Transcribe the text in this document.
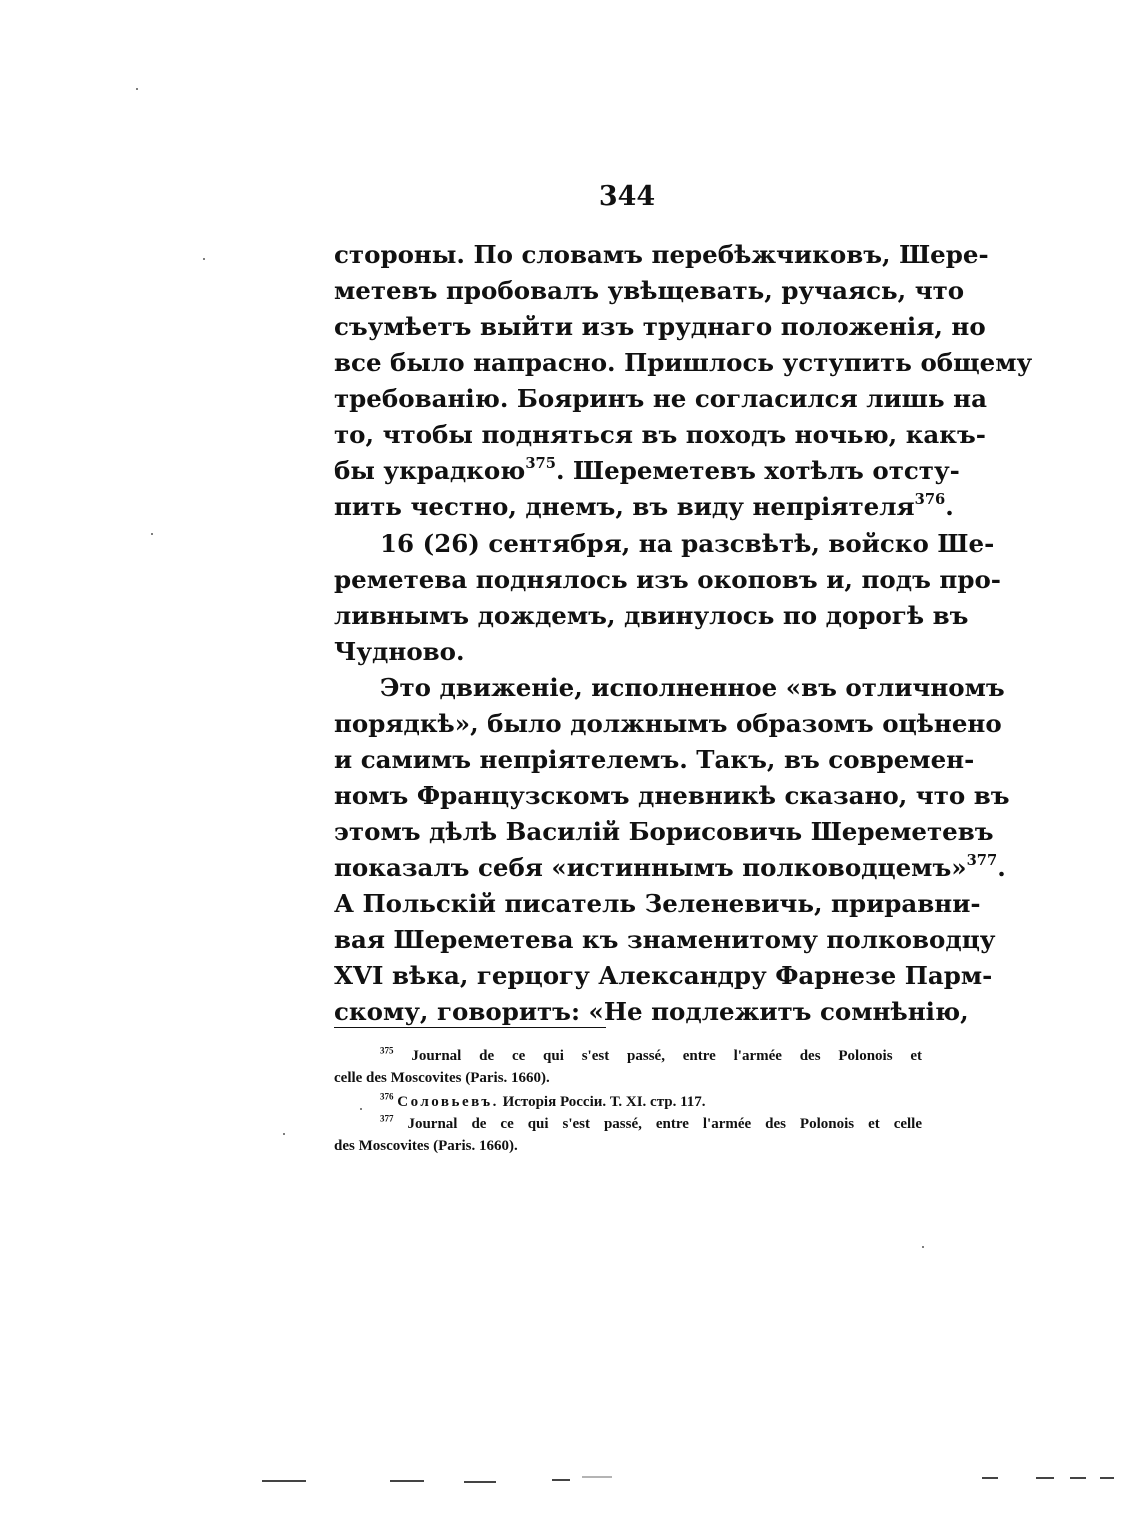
344
стороны. По словамъ перебѣжчиковъ, Шере-
метевъ пробовалъ увѣщевать, ручаясь, что
съумѣетъ выйти изъ труднаго положенія, но
все было напрасно. Пришлось уступить общему
требованію. Бояринъ не согласился лишь на
то, чтобы подняться въ походъ ночью, какъ-
бы украдкою$^{375}$. Шереметевъ хотѣлъ отсту-
пить честно, днемъ, въ виду непріятеля$^{376}$.
16 (26) сентября, на разсвѣтѣ, войско Ше-
реметева поднялось изъ окоповъ и, подъ про-
ливнымъ дождемъ, двинулось по дорогѣ въ
Чудново.
Это движеніе, исполненное «въ отличномъ
порядкѣ», было должнымъ образомъ оцѣнено
и самимъ непріятелемъ. Такъ, въ современ-
номъ Французскомъ дневникѣ сказано, что въ
этомъ дѣлѣ Василій Борисовичь Шереметевъ
показалъ себя «истиннымъ полководцемъ»$^{377}$.
А Польскій писатель Зеленевичь, приравни-
вая Шереметева къ знаменитому полководцу
XVI вѣка, герцогу Александру Фарнезе Парм-
скому, говоритъ: «Не подлежитъ сомнѣнію,
$^{375}$ Journal de ce qui s'est passé, entre l'armée des Polonois et
celle des Moscovites (Paris. 1660).
$^{376}$ Соловьевъ. Исторія Россіи. Т. XI. стр. 117.
$^{377}$ Journal de ce qui s'est passé, entre l'armée des Polonois et celle
des Moscovites (Paris. 1660).
